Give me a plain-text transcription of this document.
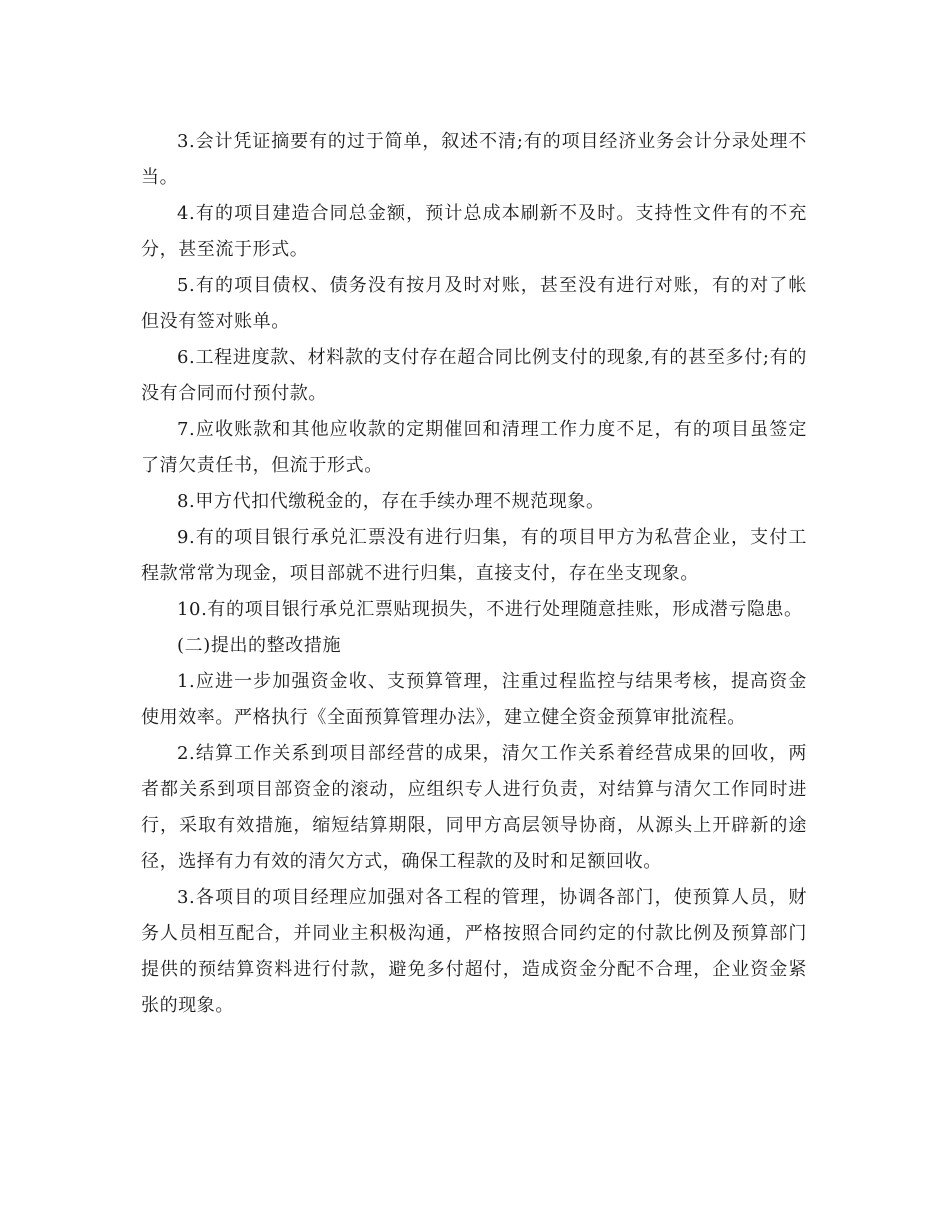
3.会计凭证摘要有的过于简单，叙述不清;有的项目经济业务会计分录处理不当。

4.有的项目建造合同总金额，预计总成本刷新不及时。支持性文件有的不充分，甚至流于形式。

5.有的项目债权、债务没有按月及时对账，甚至没有进行对账，有的对了帐但没有签对账单。

6.工程进度款、材料款的支付存在超合同比例支付的现象,有的甚至多付;有的没有合同而付预付款。

7.应收账款和其他应收款的定期催回和清理工作力度不足，有的项目虽签定了清欠责任书，但流于形式。

8.甲方代扣代缴税金的，存在手续办理不规范现象。

9.有的项目银行承兑汇票没有进行归集，有的项目甲方为私营企业，支付工程款常常为现金，项目部就不进行归集，直接支付，存在坐支现象。

10.有的项目银行承兑汇票贴现损失，不进行处理随意挂账，形成潜亏隐患。

(二)提出的整改措施

1.应进一步加强资金收、支预算管理，注重过程监控与结果考核，提高资金使用效率。严格执行《全面预算管理办法》，建立健全资金预算审批流程。

2.结算工作关系到项目部经营的成果，清欠工作关系着经营成果的回收，两者都关系到项目部资金的滚动，应组织专人进行负责，对结算与清欠工作同时进行，采取有效措施，缩短结算期限，同甲方高层领导协商，从源头上开辟新的途径，选择有力有效的清欠方式，确保工程款的及时和足额回收。

3.各项目的项目经理应加强对各工程的管理，协调各部门，使预算人员，财务人员相互配合，并同业主积极沟通，严格按照合同约定的付款比例及预算部门提供的预结算资料进行付款，避免多付超付，造成资金分配不合理，企业资金紧张的现象。
